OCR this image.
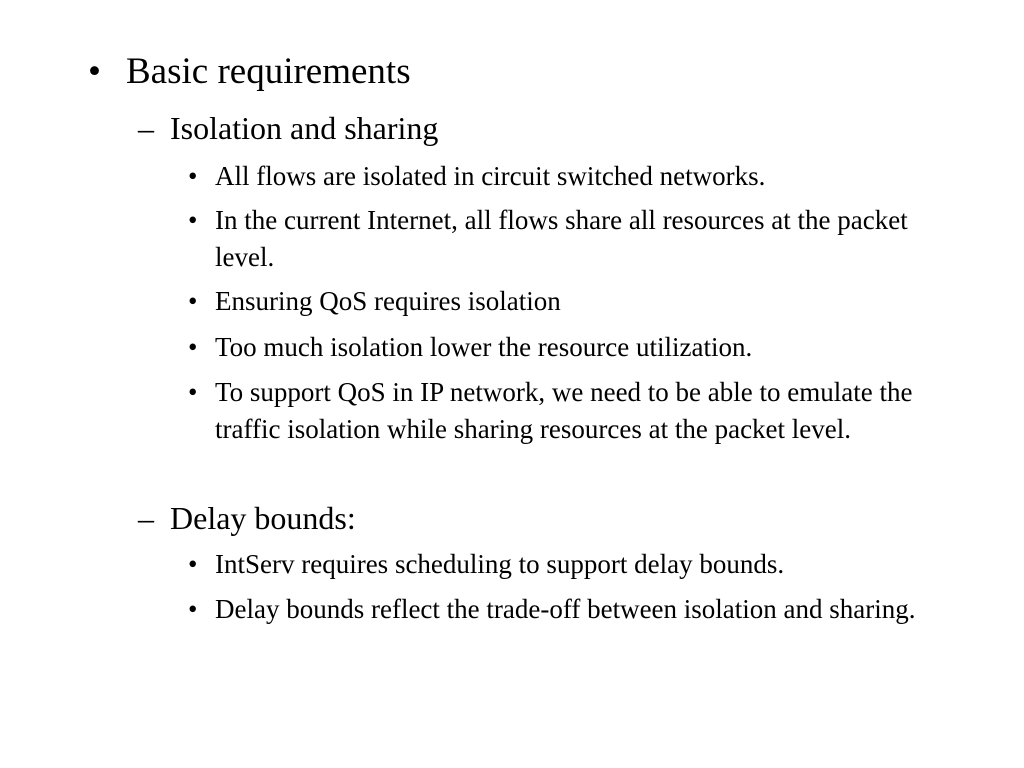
• Basic requirements
– Isolation and sharing
• All flows are isolated in circuit switched networks.
• In the current Internet, all flows share all resources at the packet level.
• Ensuring QoS requires isolation
• Too much isolation lower the resource utilization.
• To support QoS in IP network, we need to be able to emulate the traffic isolation while sharing resources at the packet level.
– Delay bounds:
• IntServ requires scheduling to support delay bounds.
• Delay bounds reflect the trade-off between isolation and sharing.
